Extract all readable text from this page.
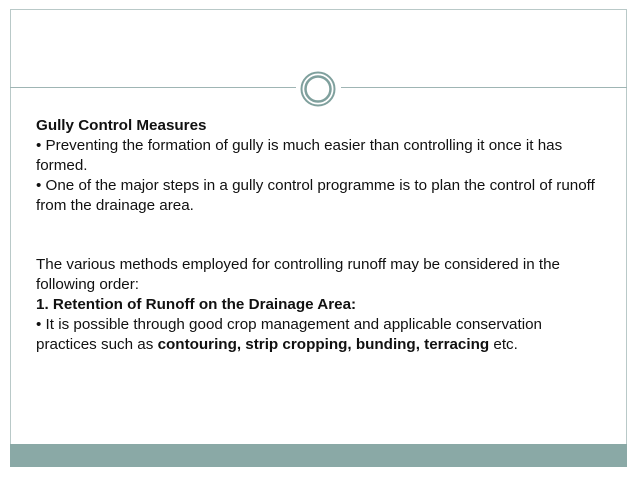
Gully Control Measures

• Preventing the formation of gully is much easier than controlling it once it has formed.

• One of the major steps in a gully control programme is to plan the control of runoff from the drainage area.

The various methods employed for controlling runoff may be considered in the following order:

1. Retention of Runoff on the Drainage Area:

• It is possible through good crop management and applicable conservation practices such as contouring, strip cropping, bunding, terracing etc.
